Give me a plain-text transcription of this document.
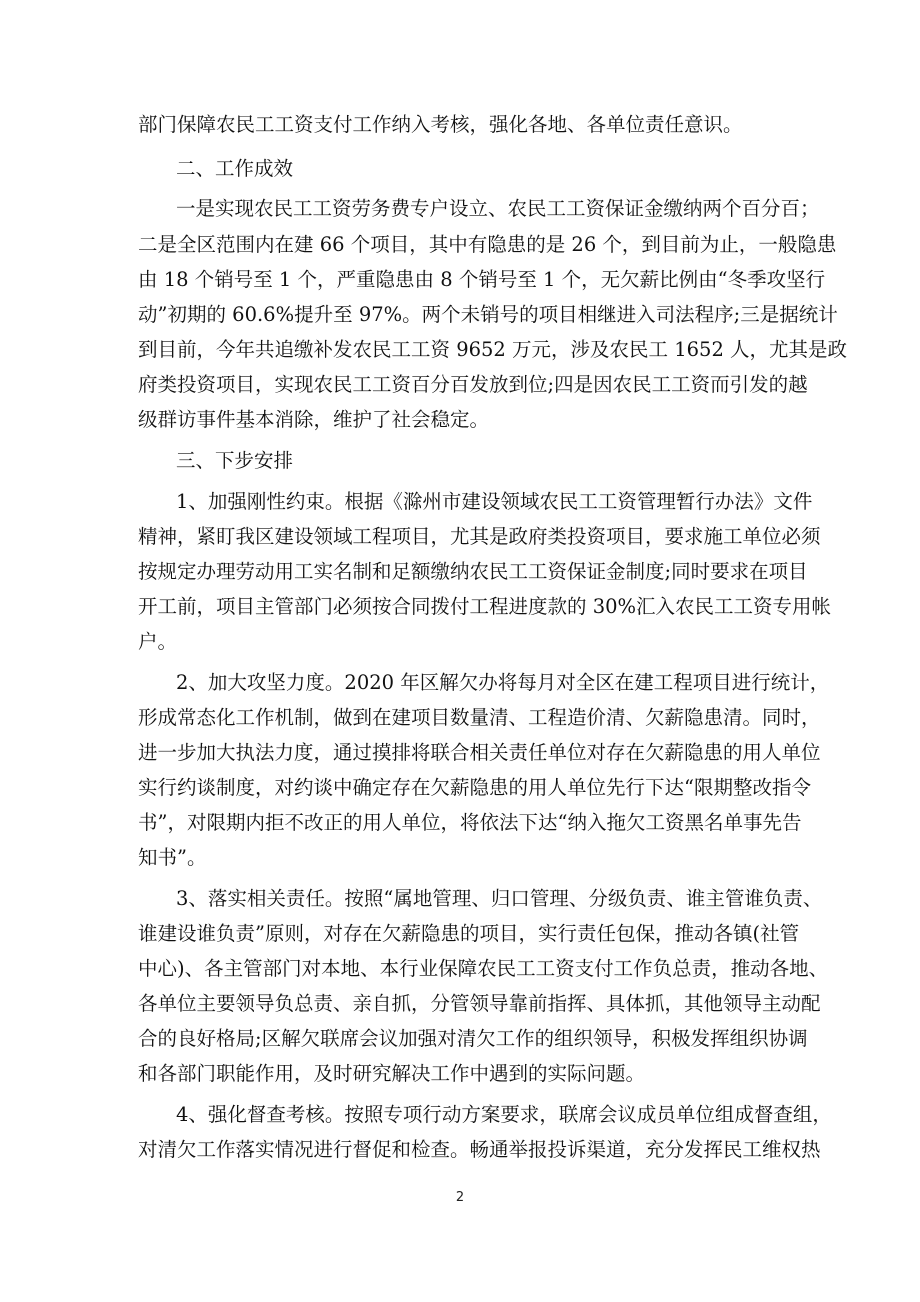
部门保障农民工工资支付工作纳入考核，强化各地、各单位责任意识。
二、工作成效
一是实现农民工工资劳务费专户设立、农民工工资保证金缴纳两个百分百；
二是全区范围内在建 66 个项目，其中有隐患的是 26 个，到目前为止，一般隐患
由 18 个销号至 1 个，严重隐患由 8 个销号至 1 个，无欠薪比例由“冬季攻坚行
动”初期的 60.6%提升至 97%。两个未销号的项目相继进入司法程序;三是据统计
到目前，今年共追缴补发农民工工资 9652 万元，涉及农民工 1652 人，尤其是政
府类投资项目，实现农民工工资百分百发放到位;四是因农民工工资而引发的越
级群访事件基本消除，维护了社会稳定。
三、下步安排
1、加强刚性约束。根据《滁州市建设领域农民工工资管理暂行办法》文件
精神，紧盯我区建设领域工程项目，尤其是政府类投资项目，要求施工单位必须
按规定办理劳动用工实名制和足额缴纳农民工工资保证金制度;同时要求在项目
开工前，项目主管部门必须按合同拨付工程进度款的 30%汇入农民工工资专用帐
户。
2、加大攻坚力度。2020 年区解欠办将每月对全区在建工程项目进行统计，
形成常态化工作机制，做到在建项目数量清、工程造价清、欠薪隐患清。同时，
进一步加大执法力度，通过摸排将联合相关责任单位对存在欠薪隐患的用人单位
实行约谈制度，对约谈中确定存在欠薪隐患的用人单位先行下达“限期整改指令
书”，对限期内拒不改正的用人单位，将依法下达“纳入拖欠工资黑名单事先告
知书”。
3、落实相关责任。按照“属地管理、归口管理、分级负责、谁主管谁负责、
谁建设谁负责”原则，对存在欠薪隐患的项目，实行责任包保，推动各镇(社管
中心)、各主管部门对本地、本行业保障农民工工资支付工作负总责，推动各地、
各单位主要领导负总责、亲自抓，分管领导靠前指挥、具体抓，其他领导主动配
合的良好格局;区解欠联席会议加强对清欠工作的组织领导，积极发挥组织协调
和各部门职能作用，及时研究解决工作中遇到的实际问题。
4、强化督查考核。按照专项行动方案要求，联席会议成员单位组成督查组，
对清欠工作落实情况进行督促和检查。畅通举报投诉渠道，充分发挥民工维权热
2
